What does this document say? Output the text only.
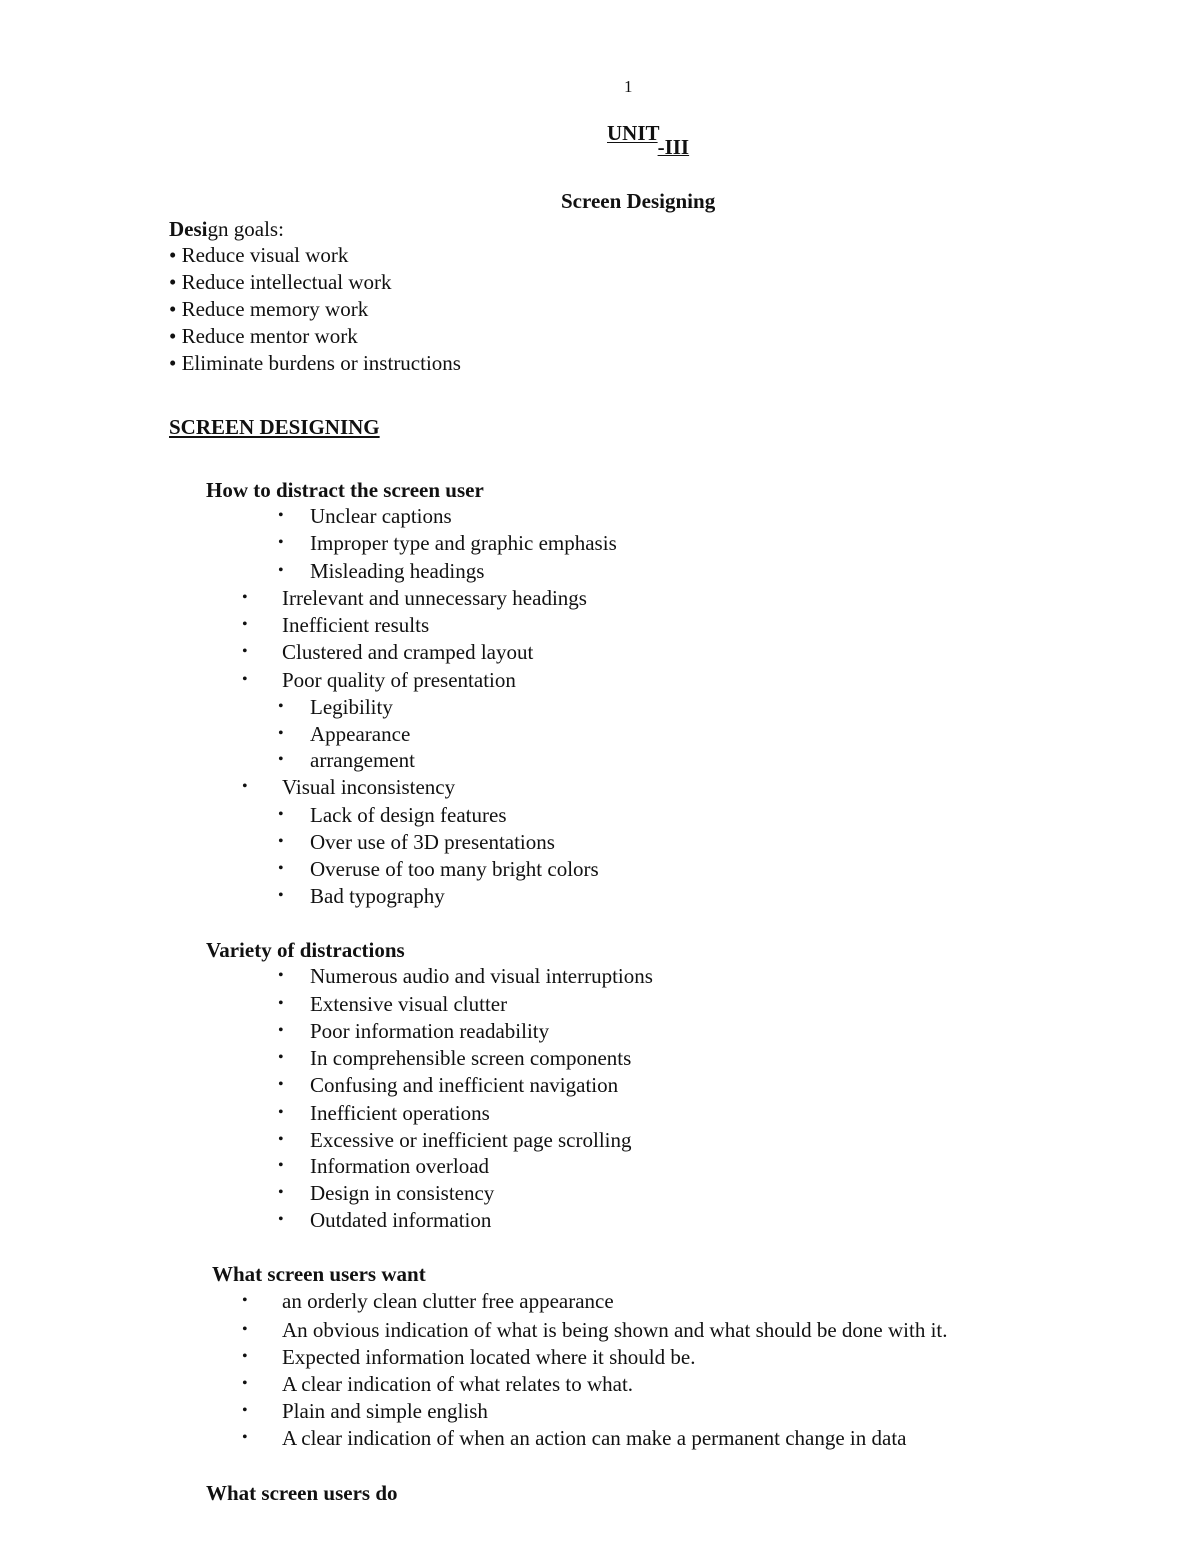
1
UNIT-III
Screen Designing
Design goals:
• Reduce visual work
• Reduce intellectual work
• Reduce memory work
• Reduce mentor work
• Eliminate burdens or instructions
SCREEN DESIGNING
How to distract the screen user
• Unclear captions
• Improper type and graphic emphasis
• Misleading headings
• Irrelevant and unnecessary headings
• Inefficient results
• Clustered and cramped layout
• Poor quality of presentation
• Legibility
• Appearance
• arrangement
• Visual inconsistency
• Lack of design features
• Over use of 3D presentations
• Overuse of too many bright colors
• Bad typography
Variety of distractions
• Numerous audio and visual interruptions
• Extensive visual clutter
• Poor information readability
• In comprehensible screen components
• Confusing and inefficient navigation
• Inefficient operations
• Excessive or inefficient page scrolling
• Information overload
• Design in consistency
• Outdated information
What screen users want
• an orderly clean clutter free appearance
• An obvious indication of what is being shown and what should be done with it.
• Expected information located where it should be.
• A clear indication of what relates to what.
• Plain and simple english
• A clear indication of when an action can make a permanent change in data
What screen users do
